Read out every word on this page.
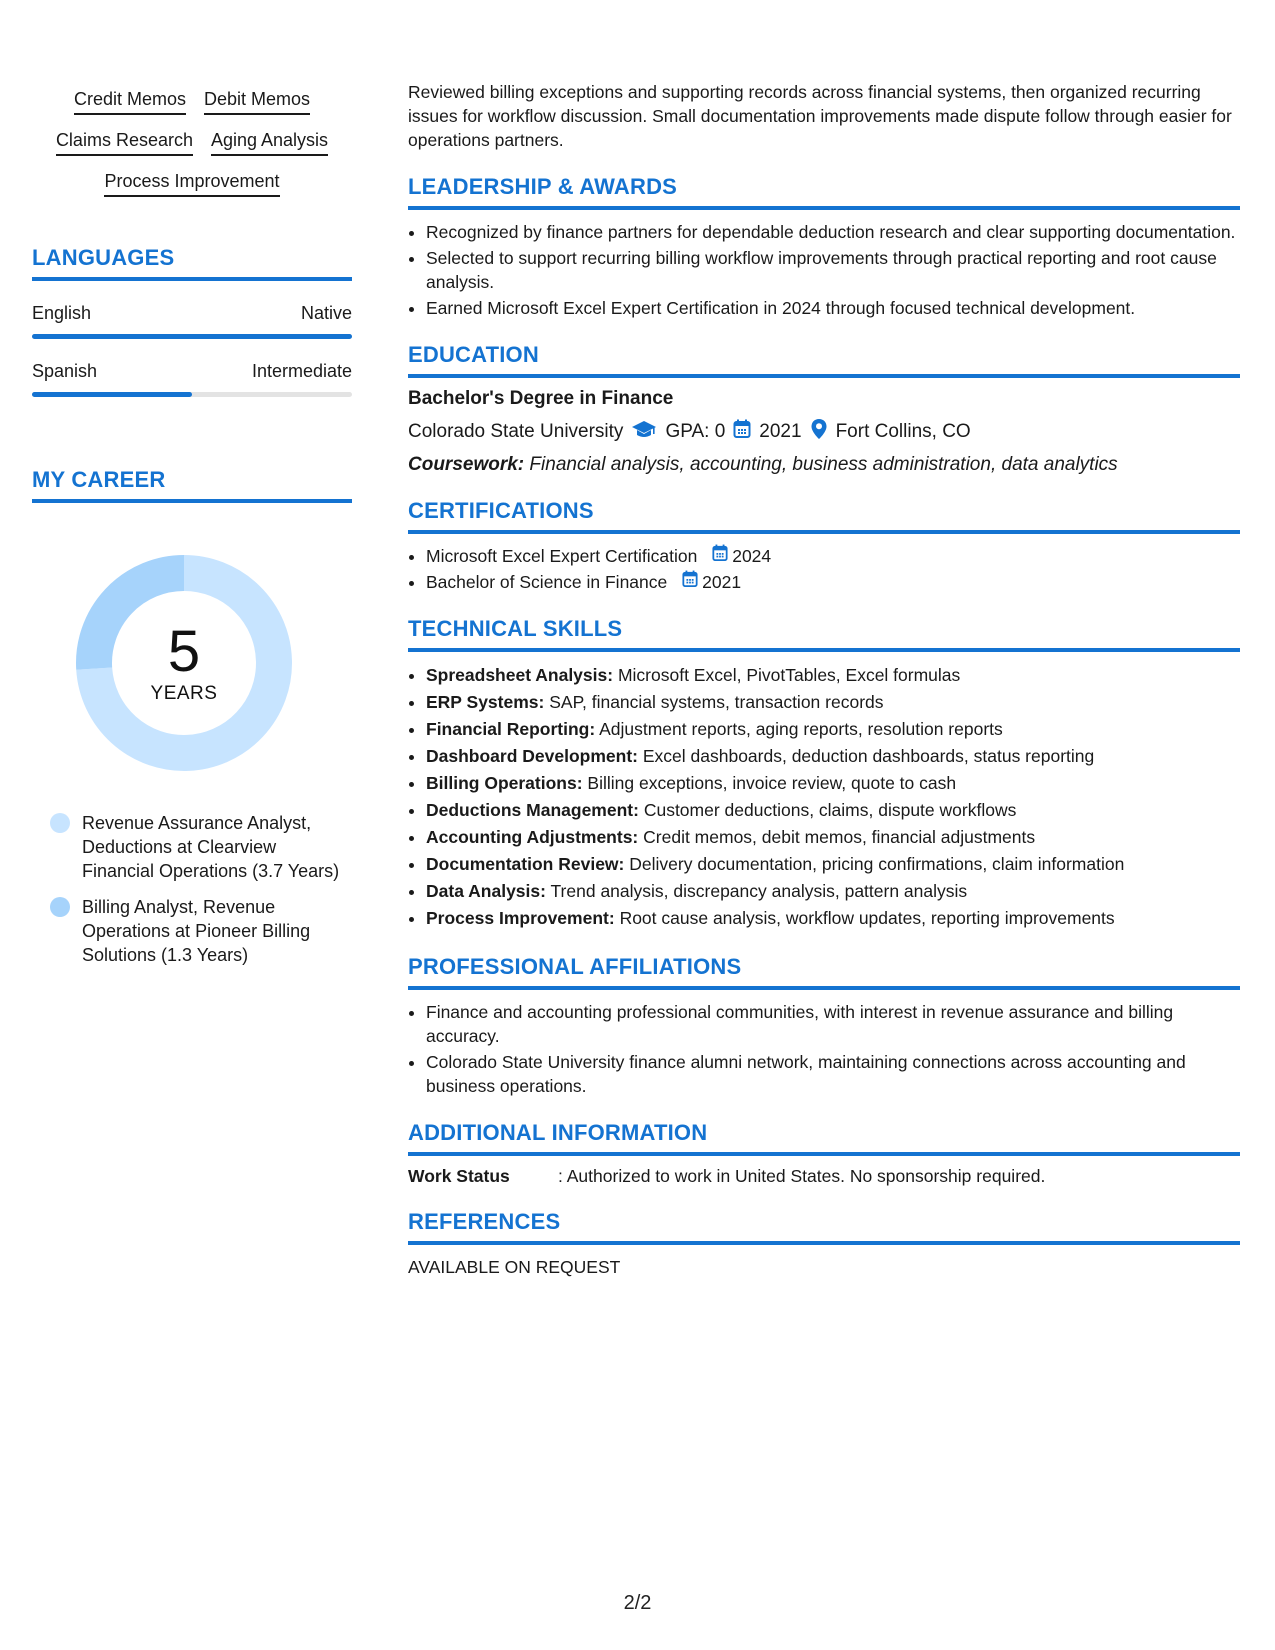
Credit Memos Debit Memos
Claims Research Aging Analysis
Process Improvement
LANGUAGES
English	Native
Spanish	Intermediate
MY CAREER
5
YEARS
Revenue Assurance Analyst, Deductions at Clearview Financial Operations (3.7 Years)
Billing Analyst, Revenue Operations at Pioneer Billing Solutions (1.3 Years)

Reviewed billing exceptions and supporting records across financial systems, then organized recurring issues for workflow discussion. Small documentation improvements made dispute follow through easier for operations partners.

LEADERSHIP & AWARDS
• Recognized by finance partners for dependable deduction research and clear supporting documentation.
• Selected to support recurring billing workflow improvements through practical reporting and root cause analysis.
• Earned Microsoft Excel Expert Certification in 2024 through focused technical development.
EDUCATION
Bachelor's Degree in Finance
Colorado State University GPA: 0 2021 Fort Collins, CO
Coursework: Financial analysis, accounting, business administration, data analytics
CERTIFICATIONS
• Microsoft Excel Expert Certification 2024
• Bachelor of Science in Finance 2021
TECHNICAL SKILLS
• Spreadsheet Analysis: Microsoft Excel, PivotTables, Excel formulas
• ERP Systems: SAP, financial systems, transaction records
• Financial Reporting: Adjustment reports, aging reports, resolution reports
• Dashboard Development: Excel dashboards, deduction dashboards, status reporting
• Billing Operations: Billing exceptions, invoice review, quote to cash
• Deductions Management: Customer deductions, claims, dispute workflows
• Accounting Adjustments: Credit memos, debit memos, financial adjustments
• Documentation Review: Delivery documentation, pricing confirmations, claim information
• Data Analysis: Trend analysis, discrepancy analysis, pattern analysis
• Process Improvement: Root cause analysis, workflow updates, reporting improvements
PROFESSIONAL AFFILIATIONS
• Finance and accounting professional communities, with interest in revenue assurance and billing accuracy.
• Colorado State University finance alumni network, maintaining connections across accounting and business operations.
ADDITIONAL INFORMATION
Work Status	: Authorized to work in United States. No sponsorship required.
REFERENCES
AVAILABLE ON REQUEST
2/2
